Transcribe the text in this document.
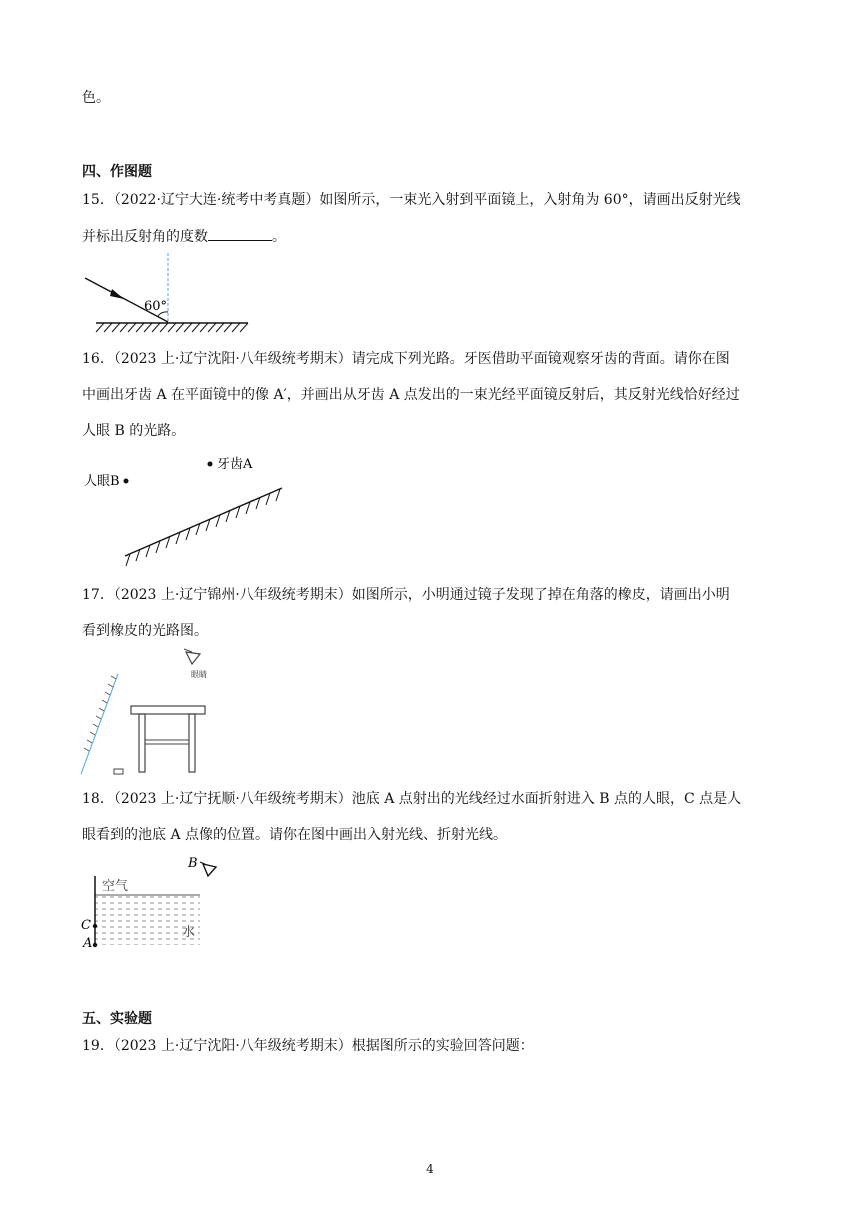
色。
四、作图题
15．（2022·辽宁大连·统考中考真题）如图所示，一束光入射到平面镜上，入射角为 60°，请画出反射光线
并标出反射角的度数	。
60°
16．（2023 上·辽宁沈阳·八年级统考期末）请完成下列光路。牙医借助平面镜观察牙齿的背面。请你在图
中画出牙齿 A 在平面镜中的像 A′，并画出从牙齿 A 点发出的一束光经平面镜反射后，其反射光线恰好经过
人眼 B 的光路。
牙齿A
人眼B
17．（2023 上·辽宁锦州·八年级统考期末）如图所示，小明通过镜子发现了掉在角落的橡皮，请画出小明
看到橡皮的光路图。
眼睛
18．（2023 上·辽宁抚顺·八年级统考期末）池底 A 点射出的光线经过水面折射进入 B 点的人眼，C 点是人
眼看到的池底 A 点像的位置。请你在图中画出入射光线、折射光线。
空气
水
B
C
A
五、实验题
19．（2023 上·辽宁沈阳·八年级统考期末）根据图所示的实验回答问题：
4
